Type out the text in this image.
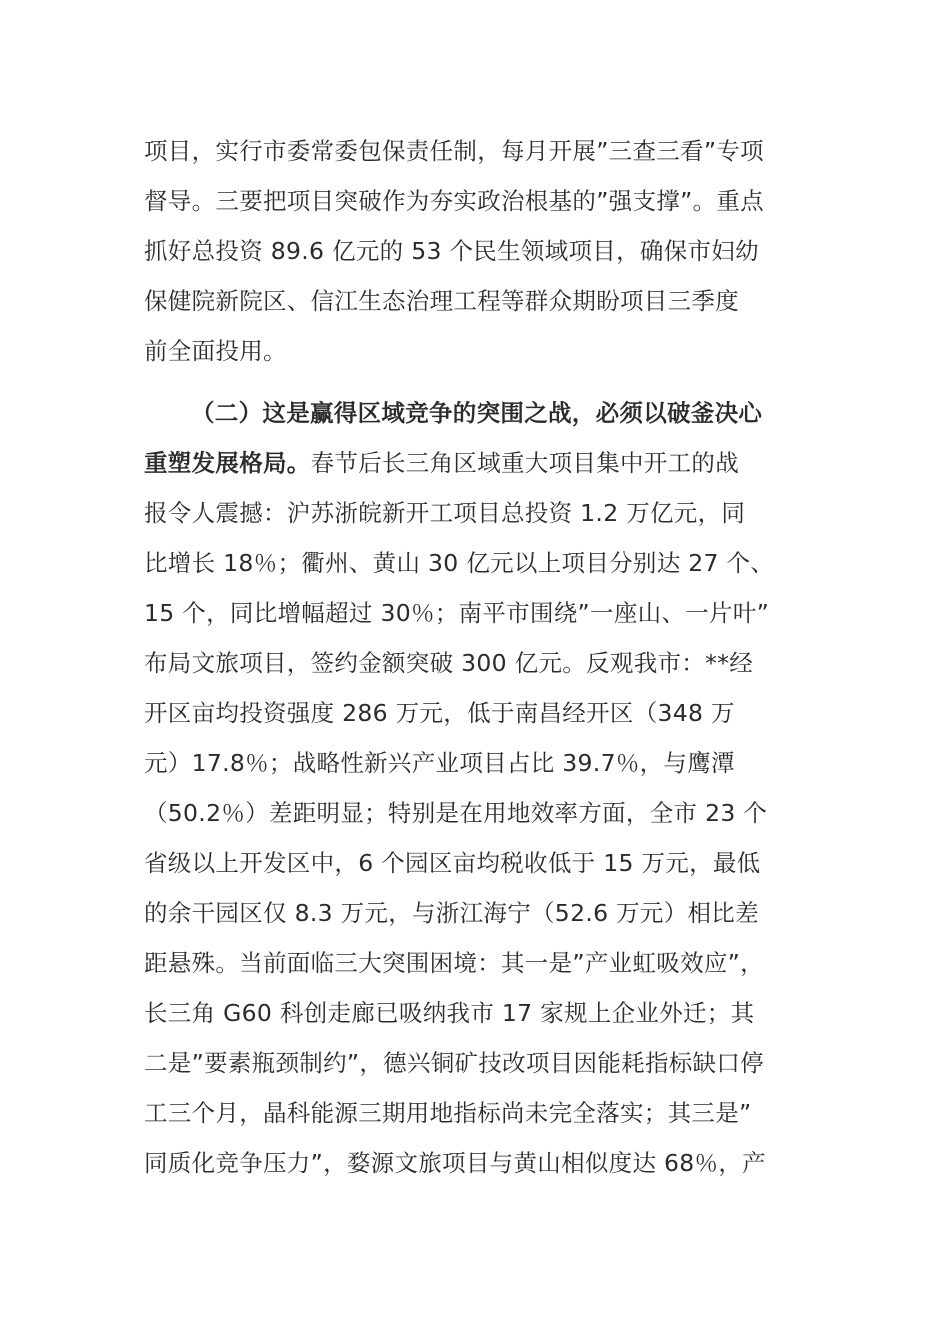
项目，实行市委常委包保责任制，每月开展”三查三看”专项
督导。三要把项目突破作为夯实政治根基的”强支撑”。重点
抓好总投资 89.6 亿元的 53 个民生领域项目，确保市妇幼
保健院新院区、信江生态治理工程等群众期盼项目三季度
前全面投用。
（二）这是赢得区域竞争的突围之战，必须以破釜决心
重塑发展格局。春节后长三角区域重大项目集中开工的战
报令人震撼：沪苏浙皖新开工项目总投资 1.2 万亿元，同
比增长 18％；衢州、黄山 30 亿元以上项目分别达 27 个、
15 个，同比增幅超过 30％；南平市围绕”一座山、一片叶”
布局文旅项目，签约金额突破 300 亿元。反观我市：**经
开区亩均投资强度 286 万元，低于南昌经开区（348 万
元）17.8％；战略性新兴产业项目占比 39.7％，与鹰潭
（50.2％）差距明显；特别是在用地效率方面，全市 23 个
省级以上开发区中，6 个园区亩均税收低于 15 万元，最低
的余干园区仅 8.3 万元，与浙江海宁（52.6 万元）相比差
距悬殊。当前面临三大突围困境：其一是”产业虹吸效应”，
长三角 G60 科创走廊已吸纳我市 17 家规上企业外迁；其
二是”要素瓶颈制约”，德兴铜矿技改项目因能耗指标缺口停
工三个月，晶科能源三期用地指标尚未完全落实；其三是”
同质化竞争压力”，婺源文旅项目与黄山相似度达 68％，产
